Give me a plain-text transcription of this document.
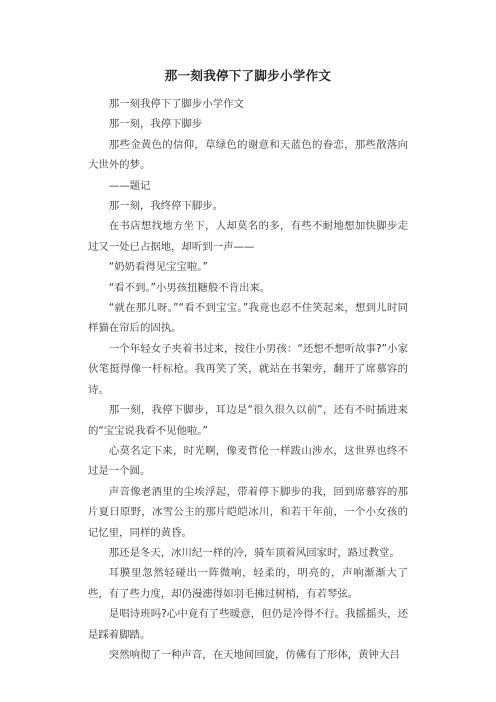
那一刻我停下了脚步小学作文

那一刻我停下了脚步小学作文

那一刻，我停下脚步

那些金黄色的信仰，草绿色的谢意和天蓝色的眷恋，那些散落向大世外的梦。

——题记

那一刻，我终停下脚步。

在书店想找地方坐下，人却莫名的多，有些不耐地想加快脚步走过又一处已占据地，却听到一声——

“奶奶看得见宝宝啦。”

“看不到。”小男孩扭糖般不肯出来。

“就在那儿呀。”“看不到宝宝。”我竟也忍不住笑起来，想到儿时同样猫在帘后的固执。

一个年轻女子夹着书过来，按住小男孩：“还想不想听故事?”小家伙笔挺得像一杆标枪。我再笑了笑，就站在书架旁，翻开了席慕容的诗。

那一刻，我停下脚步，耳边是“很久很久以前”，还有不时插进来的“宝宝说我看不见他啦。”

心莫名定下来，时光啊，像麦哲伦一样跋山涉水，这世界也终不过是一个圆。

声音像老酒里的尘埃浮起，带着停下脚步的我，回到席慕容的那片夏日原野，冰雪公主的那片皑皑冰川，和若干年前，一个小女孩的记忆里，同样的黄昏。

那还是冬天，冰川纪一样的冷，骑车顶着风回家时，路过教堂。

耳膜里忽然轻碰出一阵微响，轻柔的，明亮的，声响渐渐大了些，有了些力度，却仍漫漶得如羽毛拂过树梢，有若琴弦。

是唱诗班吗?心中竟有了些暖意，但仍是冷得不行。我摇摇头，还是踩着脚踏。

突然响彻了一种声音，在天地间回旋，仿佛有了形体，黄钟大吕
